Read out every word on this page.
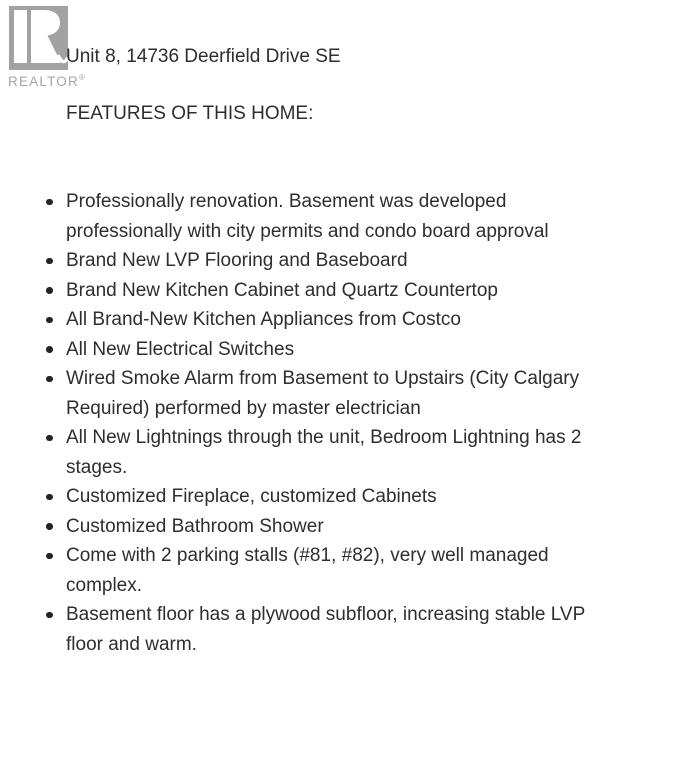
REALTOR®
Unit 8, 14736 Deerfield Drive SE
FEATURES OF THIS HOME:
Professionally renovation. Basement was developed professionally with city permits and condo board approval
Brand New LVP Flooring and Baseboard
Brand New Kitchen Cabinet and Quartz Countertop
All Brand-New Kitchen Appliances from Costco
All New Electrical Switches
Wired Smoke Alarm from Basement to Upstairs (City Calgary Required) performed by master electrician
All New Lightnings through the unit, Bedroom Lightning has 2 stages.
Customized Fireplace, customized Cabinets
Customized Bathroom Shower
Come with 2 parking stalls (#81, #82), very well managed complex.
Basement floor has a plywood subfloor, increasing stable LVP floor and warm.
